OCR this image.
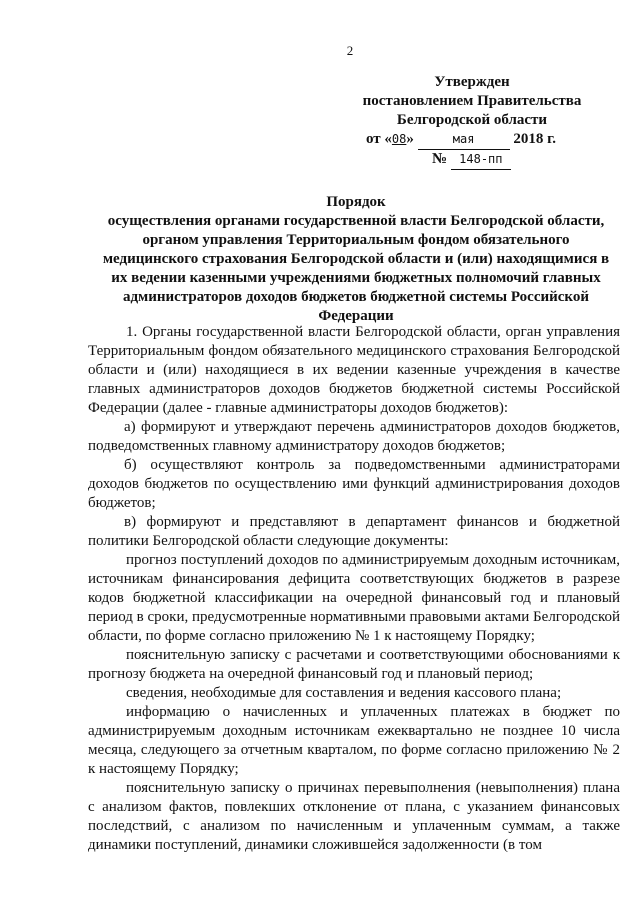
2
Утвержден
постановлением Правительства
Белгородской области
от «08»	мая	2018 г.
№ 148-пп
Порядок
осуществления органами государственной власти Белгородской области, органом управления Территориальным фондом обязательного медицинского страхования Белгородской области и (или) находящимися в их ведении казенными учреждениями бюджетных полномочий главных администраторов доходов бюджетов бюджетной системы Российской Федерации

1. Органы государственной власти Белгородской области, орган управления Территориальным фондом обязательного медицинского страхования Белгородской области и (или) находящиеся в их ведении казенные учреждения в качестве главных администраторов доходов бюджетов бюджетной системы Российской Федерации (далее - главные администраторы доходов бюджетов):

а) формируют и утверждают перечень администраторов доходов бюджетов, подведомственных главному администратору доходов бюджетов;

б) осуществляют контроль за подведомственными администраторами доходов бюджетов по осуществлению ими функций администрирования доходов бюджетов;

в) формируют и представляют в департамент финансов и бюджетной политики Белгородской области следующие документы:

прогноз поступлений доходов по администрируемым доходным источникам, источникам финансирования дефицита соответствующих бюджетов в разрезе кодов бюджетной классификации на очередной финансовый год и плановый период в сроки, предусмотренные нормативными правовыми актами Белгородской области, по форме согласно приложению № 1 к настоящему Порядку;

пояснительную записку с расчетами и соответствующими обоснованиями к прогнозу бюджета на очередной финансовый год и плановый период;

сведения, необходимые для составления и ведения кассового плана;

информацию о начисленных и уплаченных платежах в бюджет по администрируемым доходным источникам ежеквартально не позднее 10 числа месяца, следующего за отчетным кварталом, по форме согласно приложению № 2 к настоящему Порядку;

пояснительную записку о причинах перевыполнения (невыполнения) плана с анализом фактов, повлекших отклонение от плана, с указанием финансовых последствий, с анализом по начисленным и уплаченным суммам, а также динамики поступлений, динамики сложившейся задолженности (в том
